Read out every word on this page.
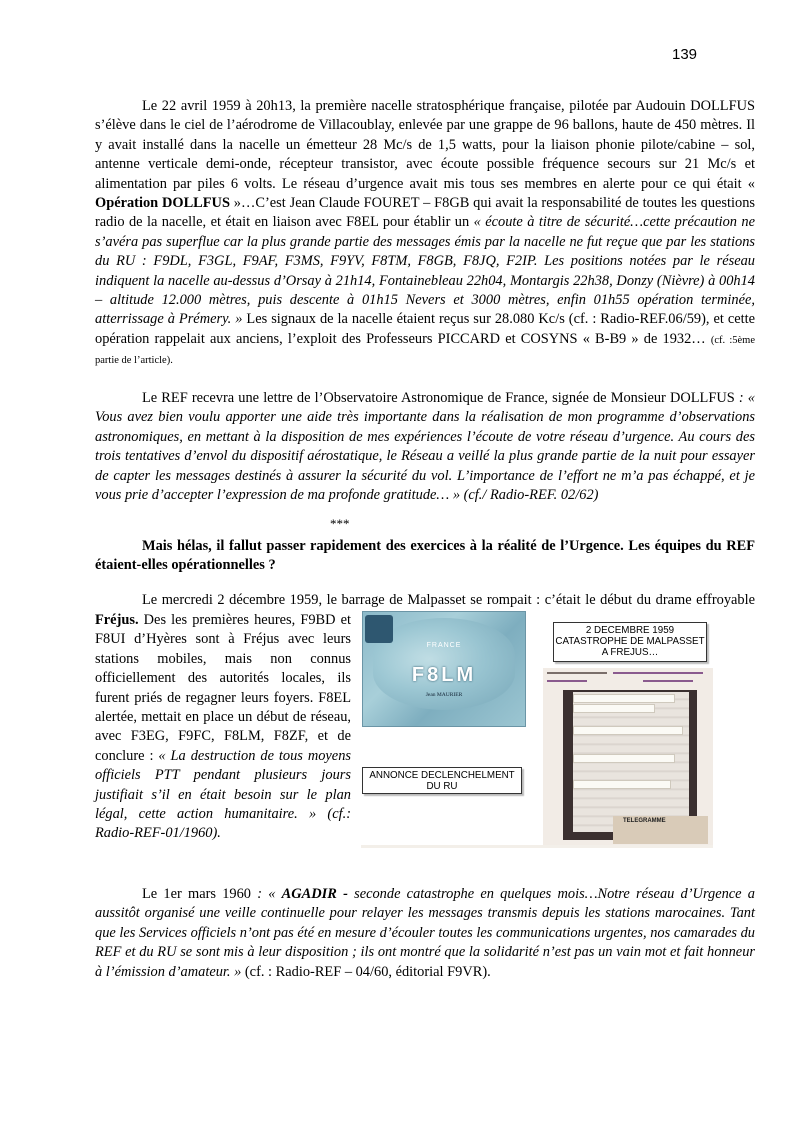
139
Le 22 avril 1959 à 20h13, la première nacelle stratosphérique française, pilotée par Audouin DOLLFUS s’élève dans le ciel de l’aérodrome de Villacoublay, enlevée par une grappe de 96 ballons, haute de 450 mètres. Il y avait installé dans la nacelle un émetteur 28 Mc/s de 1,5 watts, pour la liaison phonie pilote/cabine – sol, antenne verticale demi-onde, récepteur transistor, avec écoute possible fréquence secours sur 21 Mc/s et alimentation par piles 6 volts. Le réseau d’urgence avait mis tous ses membres en alerte pour ce qui était « Opération DOLLFUS »…C’est Jean Claude FOURET – F8GB qui avait la responsabilité de toutes les questions radio de la nacelle, et était en liaison avec F8EL pour établir un « écoute à titre de sécurité…cette précaution ne s’avéra pas superflue car la plus grande partie des messages émis par la nacelle ne fut reçue que par les stations du RU : F9DL, F3GL, F9AF, F3MS, F9YV, F8TM, F8GB, F8JQ, F2IP. Les positions notées par le réseau indiquent la nacelle au-dessus d’Orsay à 21h14, Fontainebleau 22h04, Montargis 22h38, Donzy (Nièvre) à 00h14 – altitude 12.000 mètres, puis descente à 01h15 Nevers et 3000 mètres, enfin 01h55 opération terminée, atterrissage à Prémery. » Les signaux de la nacelle étaient reçus sur 28.080 Kc/s (cf. : Radio-REF.06/59), et cette opération rappelait aux anciens, l’exploit des Professeurs PICCARD et COSYNS « B-B9 » de 1932… (cf. :5ème partie de l’article).
Le REF recevra une lettre de l’Observatoire Astronomique de France, signée de Monsieur DOLLFUS : « Vous avez bien voulu apporter une aide très importante dans la réalisation de mon programme d’observations astronomiques, en mettant à la disposition de mes expériences l’écoute de votre réseau d’urgence. Au cours des trois tentatives d’envol du dispositif aérostatique, le Réseau a veillé la plus grande partie de la nuit pour essayer de capter les messages destinés à assurer la sécurité du vol. L’importance de l’effort ne m’a pas échappé, et je vous prie d’accepter l’expression de ma profonde gratitude… » (cf./ Radio-REF. 02/62)
***
Mais hélas, il fallut passer rapidement des exercices à la réalité de l’Urgence. Les équipes du REF étaient-elles opérationnelles ?
Le mercredi 2 décembre 1959, le barrage de Malpasset se rompait : c’était le début du drame effroyable
Fréjus. Des les premières heures, F9BD et F8UI d’Hyères sont à Fréjus avec leurs stations mobiles, mais non connus officiellement des autorités locales, ils furent priés de regagner leurs foyers. F8EL alertée, mettait en place un début de réseau, avec F3EG, F9FC, F8LM, F8ZF, et de conclure : « La destruction de tous moyens officiels PTT pendant plusieurs jours justifiait s’il en était besoin sur le plan légal, cette action humanitaire. » (cf.: Radio-REF-01/1960).
FRANCE
F8LM
Jean MAURIER
2 DECEMBRE 1959
CATASTROPHE DE MALPASSET
A FREJUS…
TELEGRAMME
ANNONCE DECLENCHELMENT DU RU
Le 1er mars 1960 : « AGADIR - seconde catastrophe en quelques mois…Notre réseau d’Urgence a aussitôt organisé une veille continuelle pour relayer les messages transmis depuis les stations marocaines. Tant que les Services officiels n’ont pas été en mesure d’écouler toutes les communications urgentes, nos camarades du REF et du RU se sont mis à leur disposition ; ils ont montré que la solidarité n’est pas un vain mot et fait honneur à l’émission d’amateur. » (cf. : Radio-REF – 04/60, éditorial F9VR).
